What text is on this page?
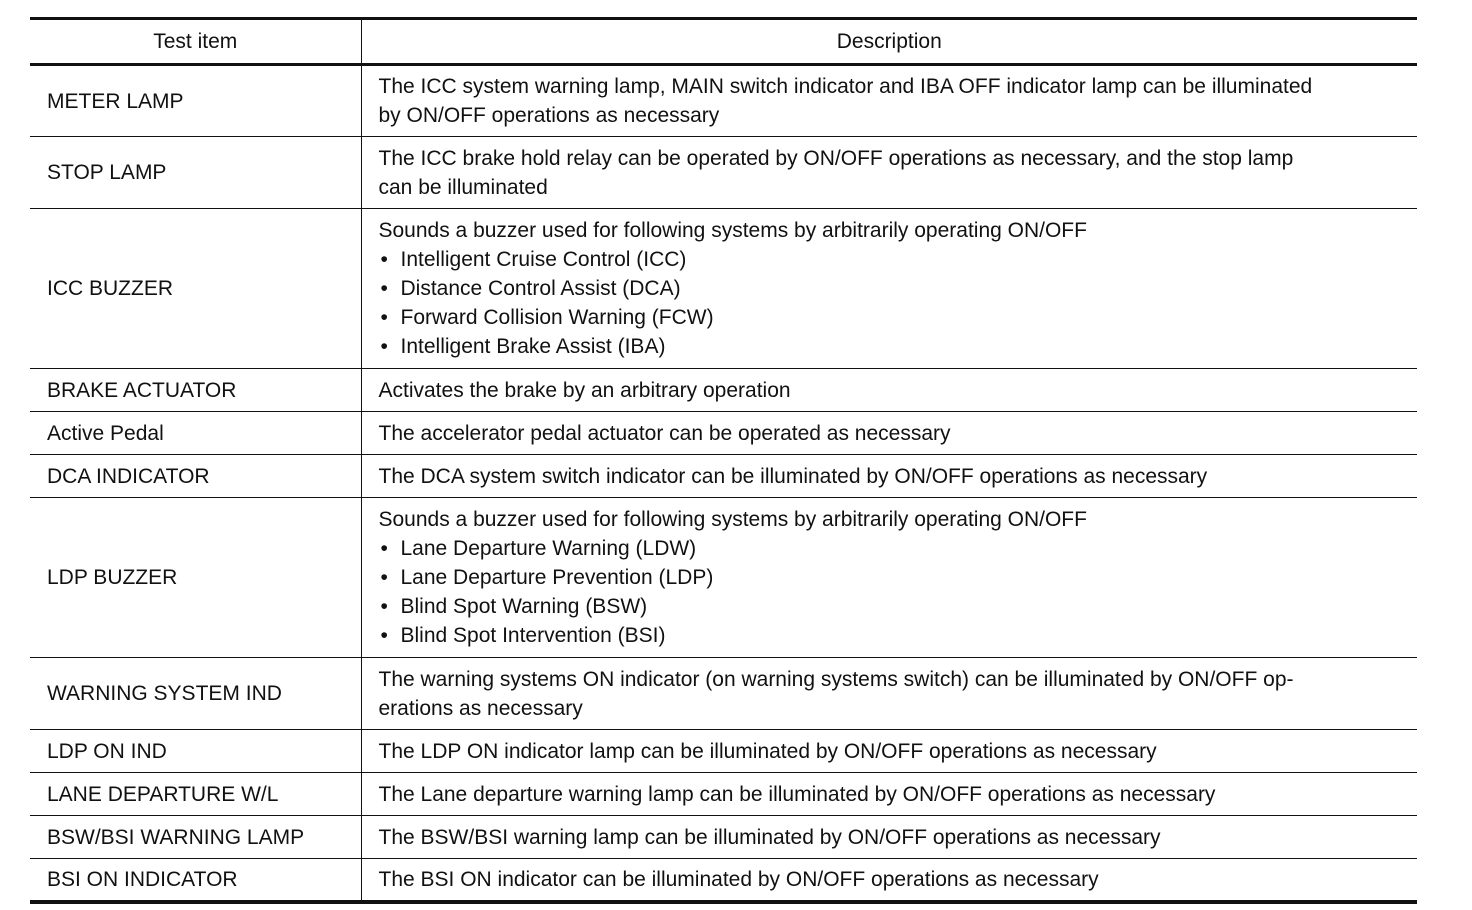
Test item	Description
METER LAMP	The ICC system warning lamp, MAIN switch indicator and IBA OFF indicator lamp can be illuminated
by ON/OFF operations as necessary

STOP LAMP	The ICC brake hold relay can be operated by ON/OFF operations as necessary, and the stop lamp
can be illuminated

ICC BUZZER	Sounds a buzzer used for following systems by arbitrarily operating ON/OFF
• Intelligent Cruise Control (ICC)
• Distance Control Assist (DCA)
• Forward Collision Warning (FCW)
• Intelligent Brake Assist (IBA)

BRAKE ACTUATOR	Activates the brake by an arbitrary operation

Active Pedal	The accelerator pedal actuator can be operated as necessary

DCA INDICATOR	The DCA system switch indicator can be illuminated by ON/OFF operations as necessary

LDP BUZZER	Sounds a buzzer used for following systems by arbitrarily operating ON/OFF
• Lane Departure Warning (LDW)
• Lane Departure Prevention (LDP)
• Blind Spot Warning (BSW)
• Blind Spot Intervention (BSI)

WARNING SYSTEM IND	The warning systems ON indicator (on warning systems switch) can be illuminated by ON/OFF op-
erations as necessary

LDP ON IND	The LDP ON indicator lamp can be illuminated by ON/OFF operations as necessary

LANE DEPARTURE W/L	The Lane departure warning lamp can be illuminated by ON/OFF operations as necessary

BSW/BSI WARNING LAMP	The BSW/BSI warning lamp can be illuminated by ON/OFF operations as necessary

BSI ON INDICATOR	The BSI ON indicator can be illuminated by ON/OFF operations as necessary
